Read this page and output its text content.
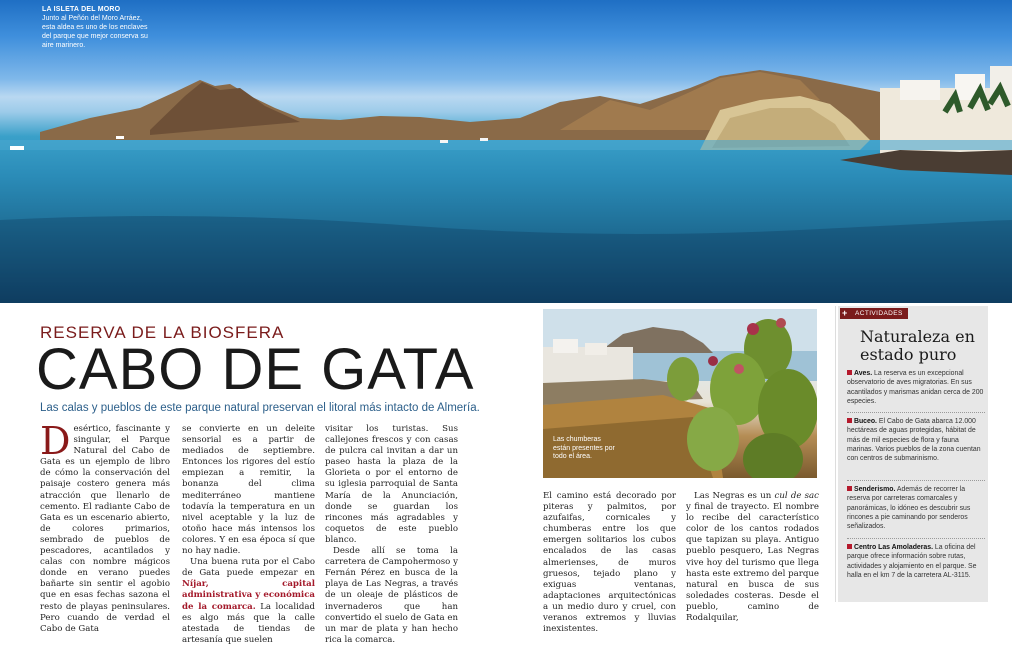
LA ISLETA DEL MORO
Junto al Peñón del Moro Arráez, esta aldea es uno de los enclaves del parque que mejor conserva su aire marinero.
RESERVA DE LA BIOSFERA
CABO DE GATA
Las calas y pueblos de este parque natural preservan el litoral más intacto de Almería.
D esértico, fascinante y singular, el Parque Natural del Cabo de Gata es un ejemplo de libro de cómo la conservación del paisaje costero genera más atracción que llenarlo de cemento. El radiante Cabo de Gata es un escenario abierto, de colores primarios, sembrado de pueblos de pescadores, acantilados y calas con nombre mágicos donde en verano puedes bañarte sin sentir el agobio que en esas fechas sazona el resto de playas peninsulares. Pero cuando de verdad el Cabo de Gata

se convierte en un deleite sensorial es a partir de mediados de septiembre. Entonces los rigores del estío empiezan a remitir, la bonanza del clima mediterráneo mantiene todavía la temperatura en un nivel aceptable y la luz de otoño hace más intensos los colores. Y en esa época sí que no hay nadie.

Una buena ruta por el Cabo de Gata puede empezar en Níjar, capital administrativa y económica de la comarca. La localidad es algo más que la calle atestada de tiendas de artesanía que suelen

visitar los turistas. Sus callejones frescos y con casas de pulcra cal invitan a dar un paseo hasta la plaza de la Glorieta o por el entorno de su iglesia parroquial de Santa María de la Anunciación, donde se guardan los rincones más agradables y coquetos de este pueblo blanco.

Desde allí se toma la carretera de Campohermoso y Fernán Pérez en busca de la playa de Las Negras, a través de un oleaje de plásticos de invernaderos que han convertido el suelo de Gata en un mar de plata y han hecho rica la comarca.

Las chumberas están presentes por todo el área.

El camino está decorado por piteras y palmitos, por azufaifas, cornicales y chumberas entre los que emergen solitarios los cubos encalados de las casas almerienses, de muros gruesos, tejado plano y exiguas ventanas, adaptaciones arquitectónicas a un medio duro y cruel, con veranos extremos y lluvias inexistentes.

Las Negras es un cul de sac y final de trayecto. El nombre lo recibe del característico color de los cantos rodados que tapizan su playa. Antiguo pueblo pesquero, Las Negras vive hoy del turismo que llega hasta este extremo del parque natural en busca de sus soledades costeras. Desde el pueblo, camino de Rodalquilar,

ACTIVIDADES
+
Naturaleza en estado puro
Aves. La reserva es un excepcional observatorio de aves migratorias. En sus acantilados y marismas anidan cerca de 200 especies.
Buceo. El Cabo de Gata abarca 12.000 hectáreas de aguas protegidas, hábitat de más de mil especies de flora y fauna marinas. Varios pueblos de la zona cuentan con centros de submarinismo.
Senderismo. Además de recorrer la reserva por carreteras comarcales y panorámicas, lo idóneo es descubrir sus rincones a pie caminando por senderos señalizados.
Centro Las Amoladeras. La oficina del parque ofrece información sobre rutas, actividades y alojamiento en el parque. Se halla en el km 7 de la carretera AL-3115.
